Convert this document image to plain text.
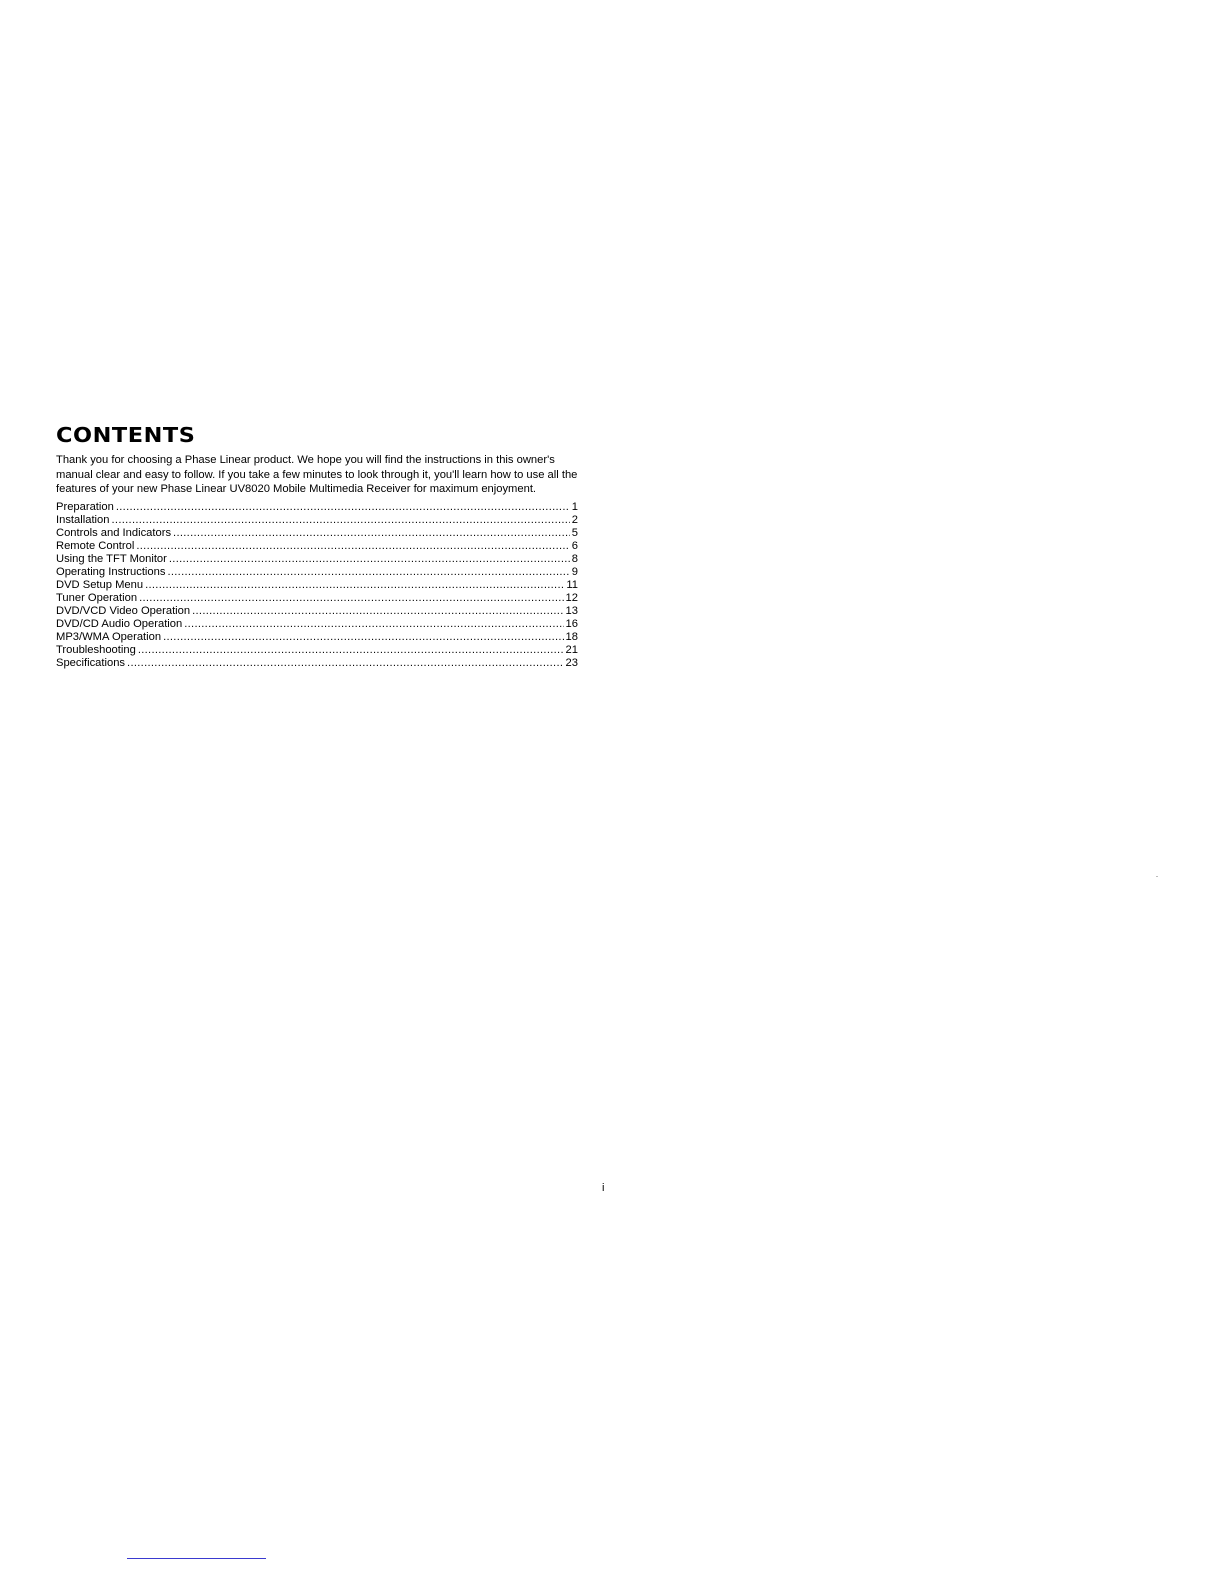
CONTENTS

Thank you for choosing a Phase Linear product. We hope you will find the instructions in this owner's manual clear and easy to follow. If you take a few minutes to look through it, you'll learn how to use all the features of your new Phase Linear UV8020 Mobile Multimedia Receiver for maximum enjoyment.

Preparation .....	1
Installation .....	2
Controls and Indicators .....	5
Remote Control .....	6
Using the TFT Monitor .....	8
Operating Instructions .....	9
DVD Setup Menu .....	11
Tuner Operation .....	12
DVD/VCD Video Operation .....	13
DVD/CD Audio Operation .....	16
MP3/WMA Operation .....	18
Troubleshooting .....	21
Specifications .....	23
i
